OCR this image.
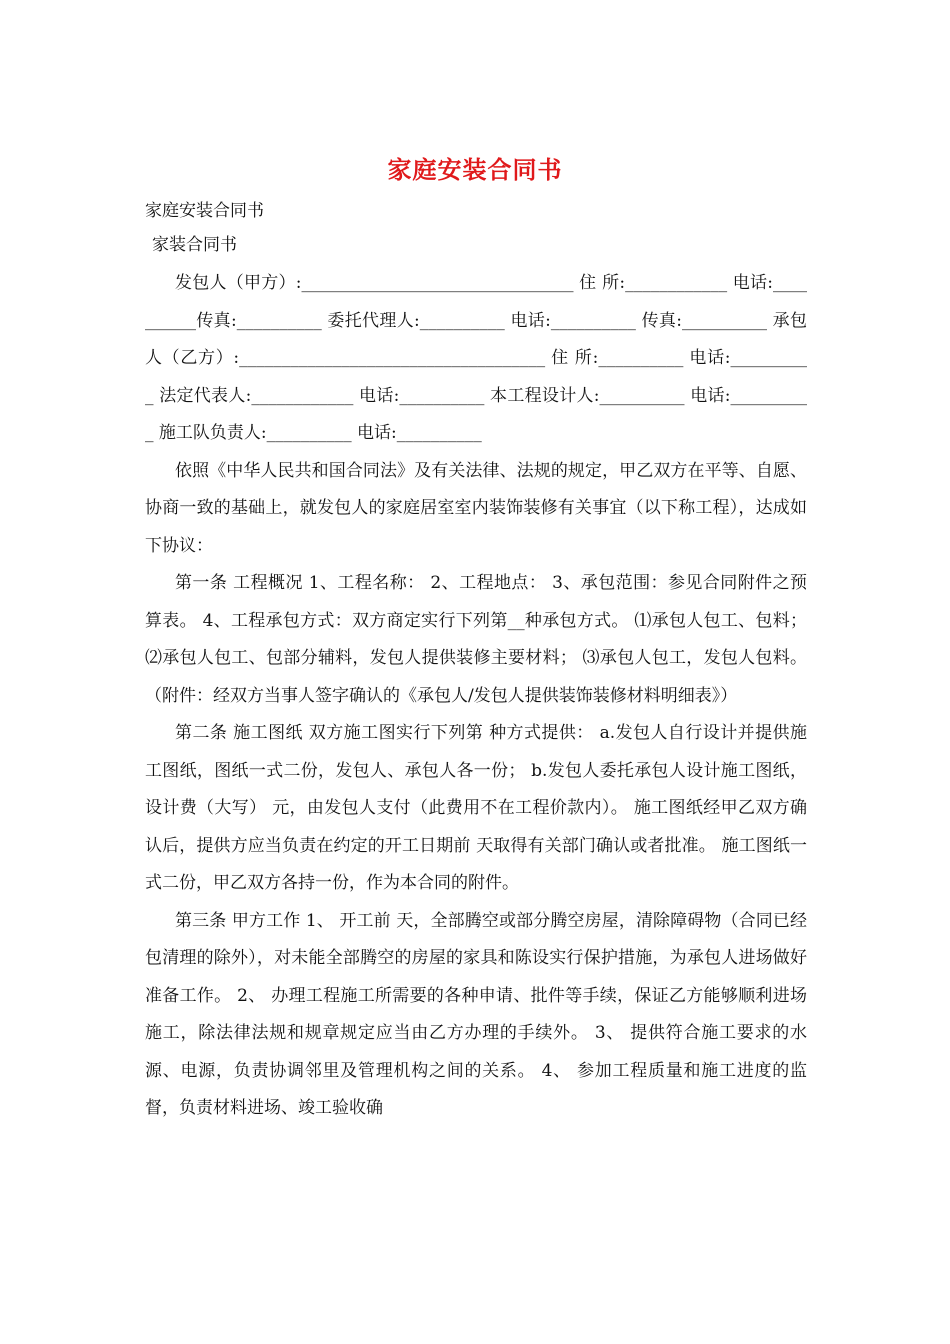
家庭安装合同书
家庭安装合同书
家装合同书

发包人（甲方）:________________________________ 住 所:____________ 电话:__________传真:__________ 委托代理人:__________ 电话:__________ 传真:__________ 承包人（乙方）:____________________________________ 住 所:__________ 电话:__________ 法定代表人:____________ 电话:__________ 本工程设计人:__________ 电话:__________ 施工队负责人:__________ 电话:__________

依照《中华人民共和国合同法》及有关法律、法规的规定，甲乙双方在平等、自愿、协商一致的基础上，就发包人的家庭居室室内装饰装修有关事宜（以下称工程），达成如下协议：

第一条 工程概况 1、工程名称： 2、工程地点： 3、承包范围：参见合同附件之预算表。 4、工程承包方式：双方商定实行下列第__种承包方式。 ⑴承包人包工、包料； ⑵承包人包工、包部分辅料，发包人提供装修主要材料； ⑶承包人包工，发包人包料。 （附件：经双方当事人签字确认的《承包人/发包人提供装饰装修材料明细表》）

第二条 施工图纸 双方施工图实行下列第 种方式提供： a.发包人自行设计并提供施工图纸，图纸一式二份，发包人、承包人各一份； b.发包人委托承包人设计施工图纸，设计费（大写） 元，由发包人支付（此费用不在工程价款内）。 施工图纸经甲乙双方确认后，提供方应当负责在约定的开工日期前 天取得有关部门确认或者批准。 施工图纸一式二份，甲乙双方各持一份，作为本合同的附件。

第三条 甲方工作 1、 开工前 天，全部腾空或部分腾空房屋，清除障碍物（合同已经包清理的除外），对未能全部腾空的房屋的家具和陈设实行保护措施，为承包人进场做好准备工作。 2、 办理工程施工所需要的各种申请、批件等手续，保证乙方能够顺利进场施工，除法律法规和规章规定应当由乙方办理的手续外。 3、 提供符合施工要求的水源、电源，负责协调邻里及管理机构之间的关系。 4、 参加工程质量和施工进度的监督，负责材料进场、竣工验收确
